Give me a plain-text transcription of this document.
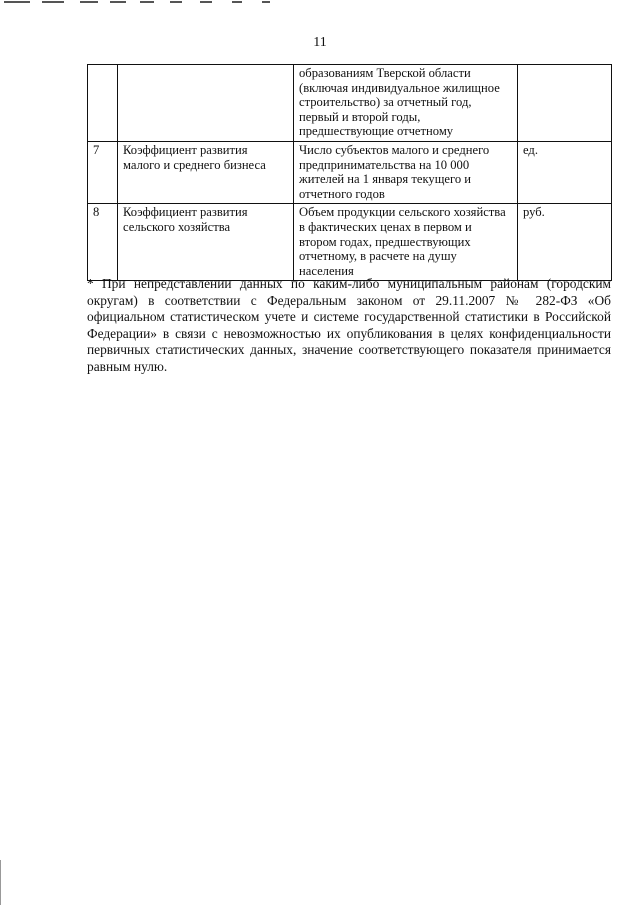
11
		образованиям Тверской области (включая индивидуальное жилищное строительство) за отчетный год, первый и второй годы, предшествующие отчетному	
7	Коэффициент развития малого и среднего бизнеса	Число субъектов малого и среднего предпринимательства на 10 000 жителей на 1 января текущего и отчетного годов	ед.
8	Коэффициент развития сельского хозяйства	Объем продукции сельского хозяйства в фактических ценах в первом и втором годах, предшествующих отчетному, в расчете на душу населения	руб.
* При непредставлении данных по каким-либо муниципальным районам (городским округам) в соответствии с Федеральным законом от 29.11.2007 № 282-ФЗ «Об официальном статистическом учете и системе государственной статистики в Российской Федерации» в связи с невозможностью их опубликования в целях конфиденциальности первичных статистических данных, значение соответствующего показателя принимается равным нулю.
